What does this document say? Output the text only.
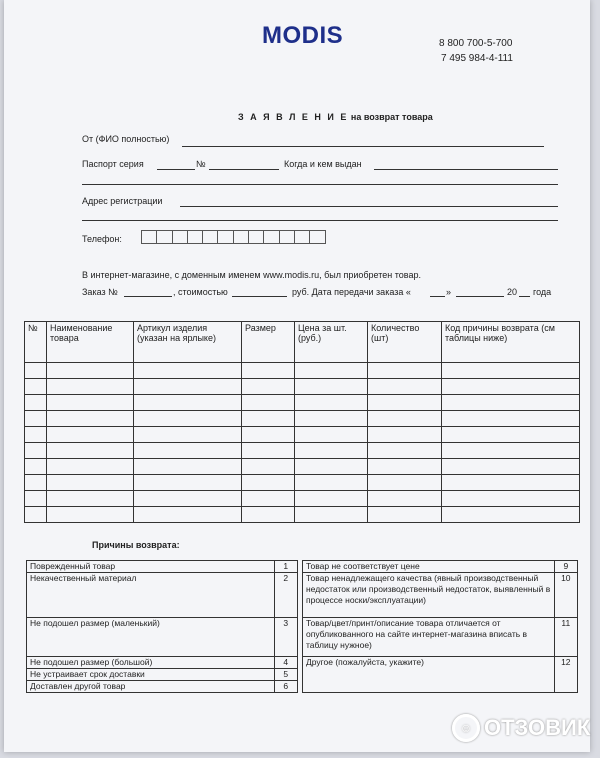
MODIS	8 800 700-5-700
7 495 984-4-111
З А Я В Л Е Н И Е на возврат товара
От (ФИО полностью)
Паспорт серия	№	Когда и кем выдан
Адрес регистрации
Телефон:
В интернет-магазине, с доменным именем www.modis.ru, был приобретен товар.
Заказ №	, стоимостью	руб. Дата передачи заказа «	»	20 года
№	Наименование товара	Артикул изделия (указан на ярлыке)	Размер	Цена за шт. (руб.)	Количество (шт)	Код причины возврата (см таблицы ниже)

Причины возврата:
Поврежденный товар	1		Товар не соответствует цене	9
Некачественный материал	2		Товар ненадлежащего качества (явный производственный недостаток или производственный недостаток, выявленный в процессе носки/эксплуатации)	10
Не подошел размер (маленький)	3		Товар/цвет/принт/описание товара отличается от опубликованного на сайте интернет-магазина вписать в таблицу нужное)	11
Не подошел размер (большой)	4		Другое (пожалуйста, укажите)	12
Не устраивает срок доставки	5			
Доставлен другой товар	6			
☺ ОТЗОВИК
